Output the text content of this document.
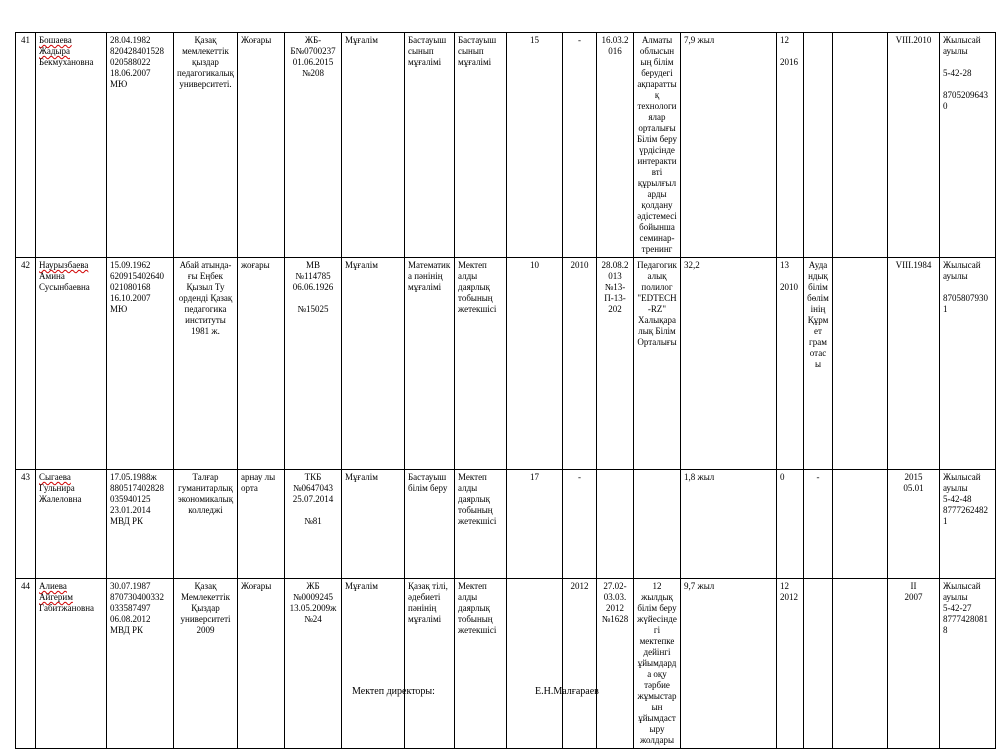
41	Бошаева Жадыра Бекмухановна	28.04.1982
820428401528
020588022
18.06.2007
МЮ	Қазақ мемлекеттік қыздар педагогикалық университеті.	Жоғары	ЖБ-Б№0700237
01.06.2015
№208	Мұғалім	Бастауыш сынып мұғалімі	Бастауыш сынып мұғалімі	15	-	16.03.2016	Алматы облысының білім берудегі ақпараттық технологиялар орталығы
Білім беру үрдісінде интерактивті құрылғыларды қолдану әдістемесі бойынша семинар-тренинг	7,9 жыл	12

2016			VIII.2010	Жылысай ауылы

5-42-28

87052096430
42	Наурызбаева Амина Сусынбаевна	15.09.1962
620915402640
021080168
16.10.2007
МЮ	Абай атында-ғы Еңбек Қызыл Ту орденді Қазақ педагогика институты 1981 ж.	жоғары	МВ
№114785
06.06.1926

№15025	Мұғалім	Математика пәнінің мұғалімі	Мектеп алды даярлық тобының жетекшісі	10	2010	28.08.2013
№13-П-13-202	Педагогикалық полилог "EDTECH-RZ"
Халықаралық Білім Орталығы	32,2	13

2010	Аудандық білім бөлімінің Құрмет грамотасы		VIII.1984	Жылысай ауылы

87058079301
43	Сыгаева Гульнира Жалеловна	17.05.1988ж
880517402828
035940125
23.01.2014
МВД РК	Талғар гуманитарлық экономикалық колледжі	арнау лы орта	ТКБ
№0647043
25.07.2014

№81	Мұғалім	Бастауыш білім беру	Мектеп алды даярлық тобының жетекшісі	17	-			1,8 жыл	0	-		2015
05.01	Жылысай ауылы
5-42-48
87772624821
44	Алиева Айгерим Габитжановна	30.07.1987
870730400332
033587497
06.08.2012
МВД РК	Қазақ Мемлекеттік Қыздар университеті
2009	Жоғары	ЖБ
№0009245
13.05.2009ж
№24	Мұғалім	Қазақ тілі, әдебиеті пәнінің мұғалімі	Мектеп алды даярлық тобының жетекшісі		2012	27.02-03.03.
2012
№1628	12 жылдық білім беру жүйесіндегі мектепке дейінгі ұйымдарда оқу тәрбие жұмыстарын ұйымдастыру жолдары	9,7 жыл	12
2012			II
2007	Жылысай ауылы
5-42-27
87774280818
Мектеп директоры:	Е.Н.Малғараев
